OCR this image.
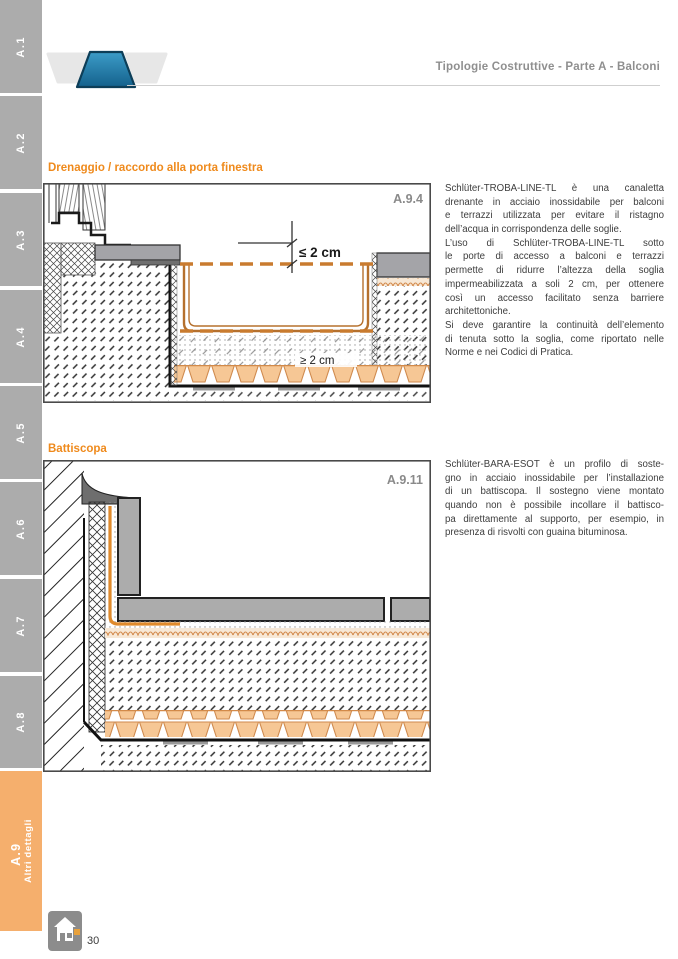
A.1
A.2
A.3
A.4
A.5
A.6
A.7
A.8
A.9 Altri dettagli
Tipologie Costruttive - Parte A - Balconi
Drenaggio / raccordo alla porta finestra
≤ 2 cm
≥ 2 cm
A.9.4
Schlüter-TROBA-LINE-TL è una canaletta
drenante in acciaio inossidabile per balconi
e terrazzi utilizzata per evitare il ristagno
dell’acqua in corrispondenza delle soglie.
L’uso di Schlüter-TROBA-LINE-TL sotto
le porte di accesso a balconi e terrazzi
permette di ridurre l’altezza della soglia
impermeabilizzata a soli 2 cm, per ottenere
così un accesso facilitato senza barriere
architettoniche.
Si deve garantire la continuità dell’elemento
di tenuta sotto la soglia, come riportato nelle
Norme e nei Codici di Pratica.
Battiscopa
A.9.11
Schlüter-BARA-ESOT è un profilo di soste-
gno in acciaio inossidabile per l’installazione
di un battiscopa. Il sostegno viene montato
quando non è possibile incollare il battisco-
pa direttamente al supporto, per esempio, in
presenza di risvolti con guaina bituminosa.
30
